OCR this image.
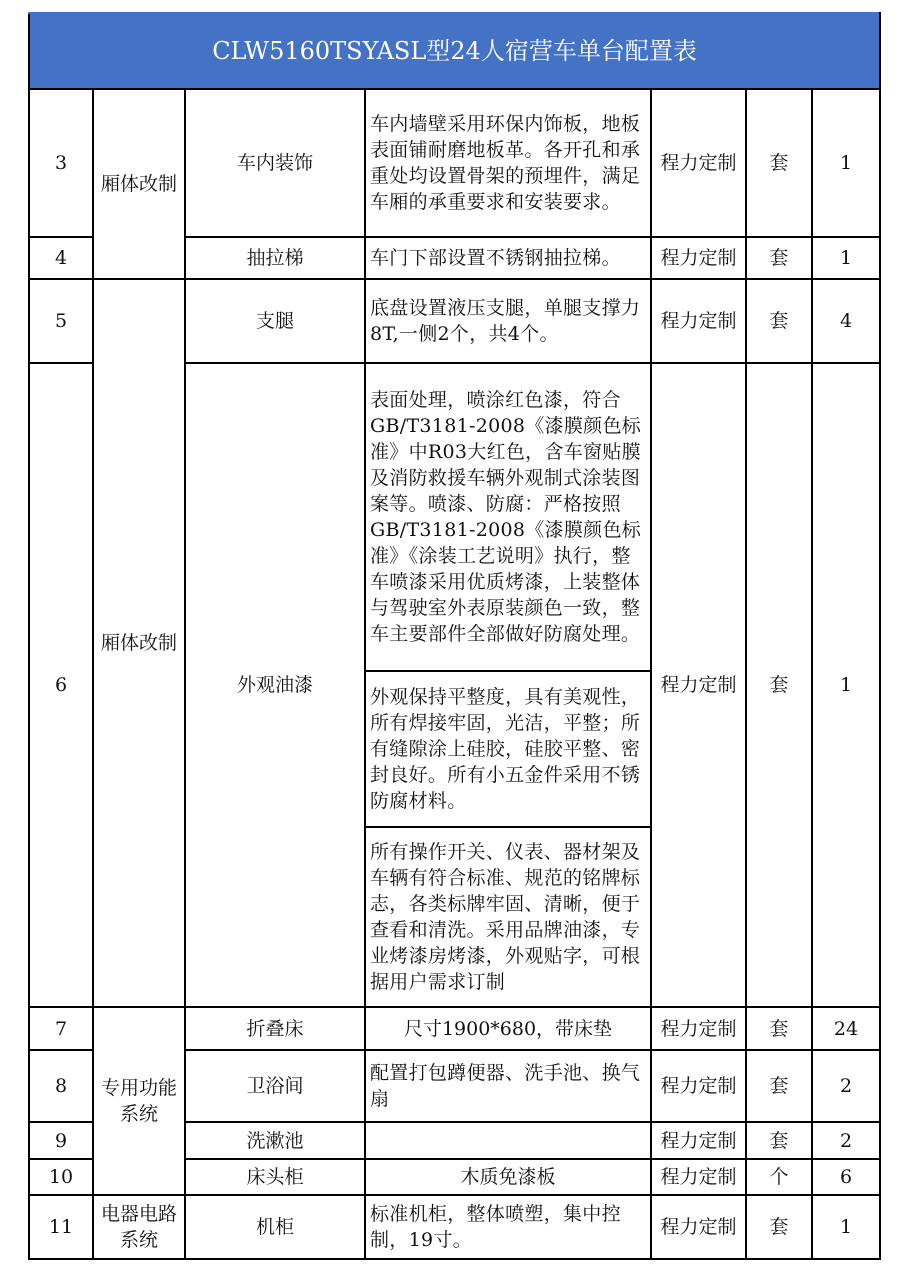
CLW5160TSYASL型24人宿营车单台配置表						
3	厢体改制	车内装饰	车内墙壁采用环保内饰板，地板表面铺耐磨地板革。各开孔和承重处均设置骨架的预埋件，满足车厢的承重要求和安装要求。	程力定制	套	1
4		抽拉梯	车门下部设置不锈钢抽拉梯。	程力定制	套	1
5	厢体改制	支腿	底盘设置液压支腿，单腿支撑力8T,一侧2个，共4个。	程力定制	套	4
6		外观油漆	表面处理，喷涂红色漆，符合GB/T3181-2008《漆膜颜色标准》中R03大红色，含车窗贴膜及消防救援车辆外观制式涂装图案等。喷漆、防腐：严格按照GB/T3181-2008《漆膜颜色标准》《涂装工艺说明》执行，整车喷漆采用优质烤漆，上装整体与驾驶室外表原装颜色一致，整车主要部件全部做好防腐处理。	程力定制	套	1
			外观保持平整度，具有美观性，所有焊接牢固，光洁，平整；所有缝隙涂上硅胶，硅胶平整、密封良好。所有小五金件采用不锈防腐材料。			
			所有操作开关、仪表、器材架及车辆有符合标准、规范的铭牌标志，各类标牌牢固、清晰，便于查看和清洗。采用品牌油漆，专业烤漆房烤漆，外观贴字，可根据用户需求订制			
7	专用功能系统	折叠床	尺寸1900*680，带床垫	程力定制	套	24
8		卫浴间	配置打包蹲便器、洗手池、换气扇	程力定制	套	2
9		洗漱池		程力定制	套	2
10		床头柜	木质免漆板	程力定制	个	6
11	电器电路系统	机柜	标准机柜，整体喷塑，集中控制，19寸。	程力定制	套	1
